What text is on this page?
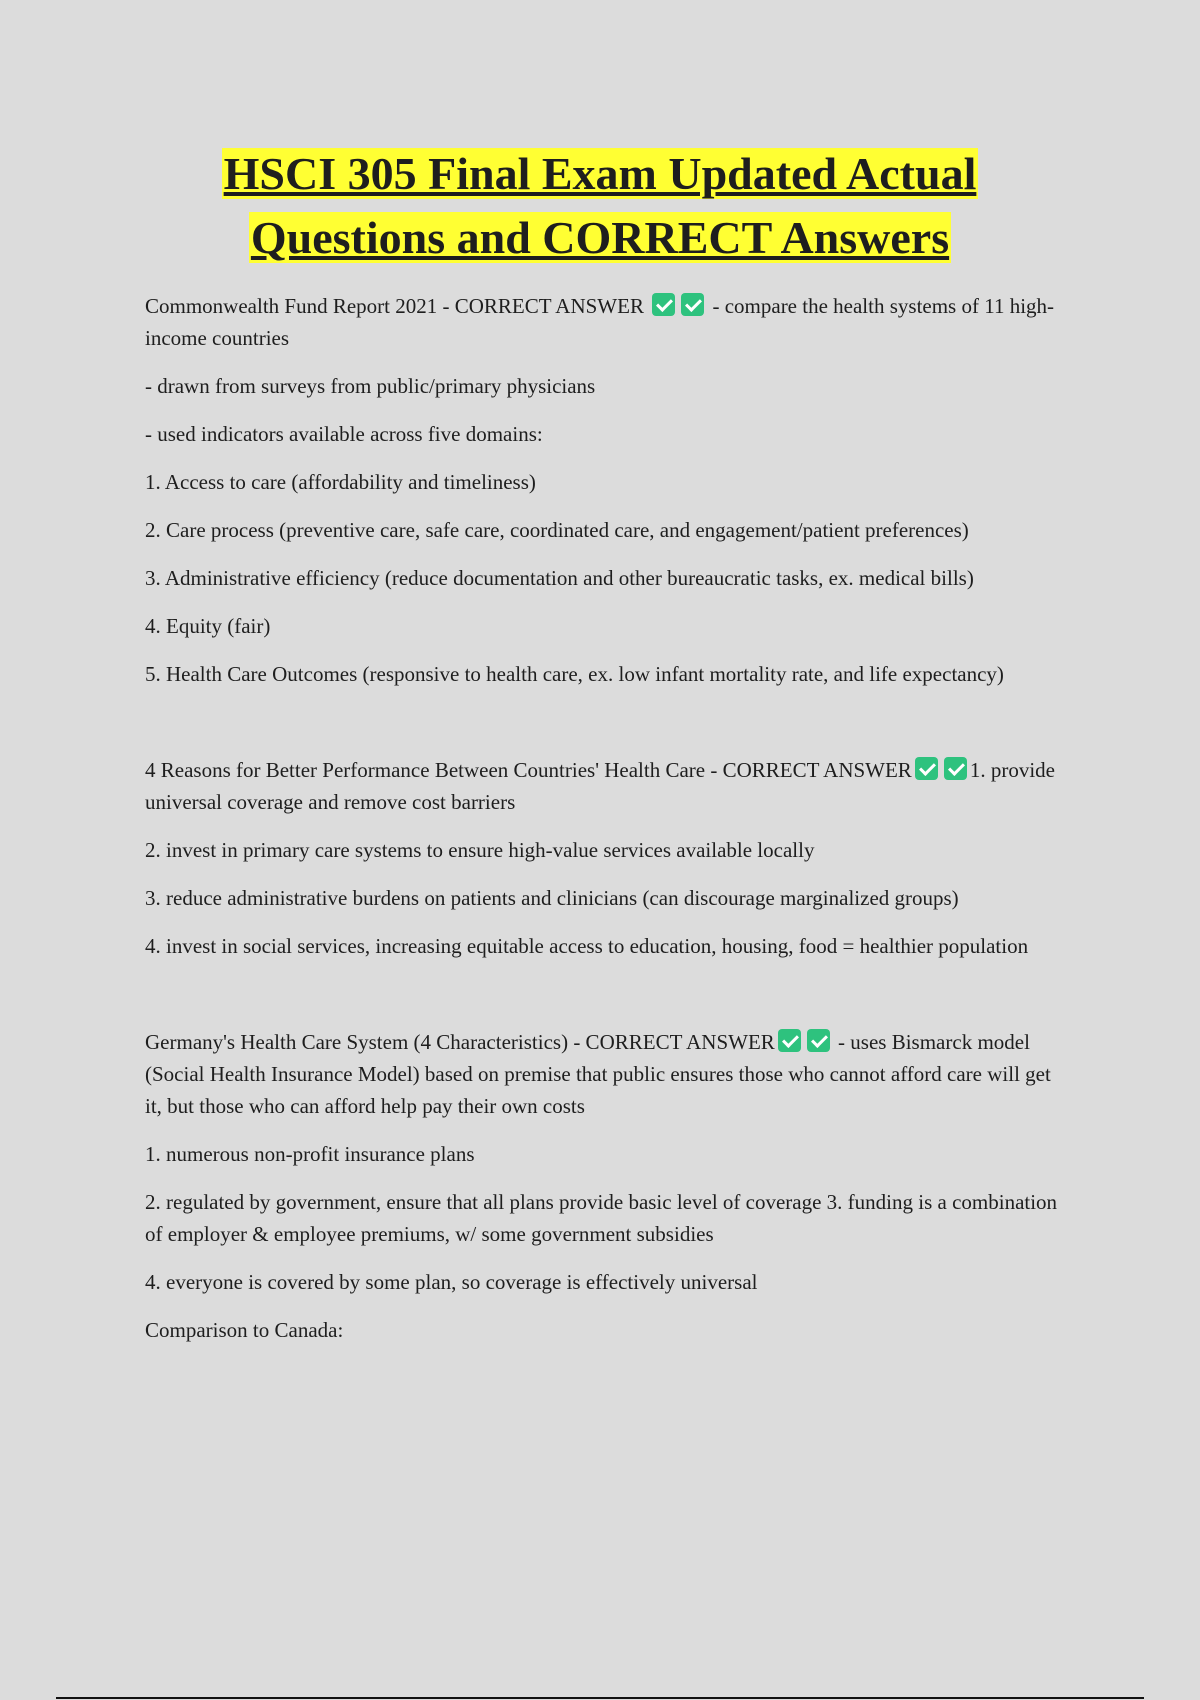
HSCI 305 Final Exam Updated Actual
Questions and CORRECT Answers

Commonwealth Fund Report 2021 - CORRECT ANSWER	- compare the health systems of 11 high-income countries

- drawn from surveys from public/primary physicians

- used indicators available across five domains:

1. Access to care (affordability and timeliness)

2. Care process (preventive care, safe care, coordinated care, and engagement/patient preferences)

3. Administrative efficiency (reduce documentation and other bureaucratic tasks, ex. medical bills)

4. Equity (fair)

5. Health Care Outcomes (responsive to health care, ex. low infant mortality rate, and life expectancy)

4 Reasons for Better Performance Between Countries' Health Care - CORRECT ANSWER	1. provide universal coverage and remove cost barriers

2. invest in primary care systems to ensure high-value services available locally

3. reduce administrative burdens on patients and clinicians (can discourage marginalized groups)

4. invest in social services, increasing equitable access to education, housing, food = healthier population

Germany's Health Care System (4 Characteristics) - CORRECT ANSWER	- uses Bismarck model (Social Health Insurance Model) based on premise that public ensures those who cannot afford care will get it, but those who can afford help pay their own costs

1. numerous non-profit insurance plans

2. regulated by government, ensure that all plans provide basic level of coverage 3. funding is a combination of employer & employee premiums, w/ some government subsidies

4. everyone is covered by some plan, so coverage is effectively universal

Comparison to Canada:
